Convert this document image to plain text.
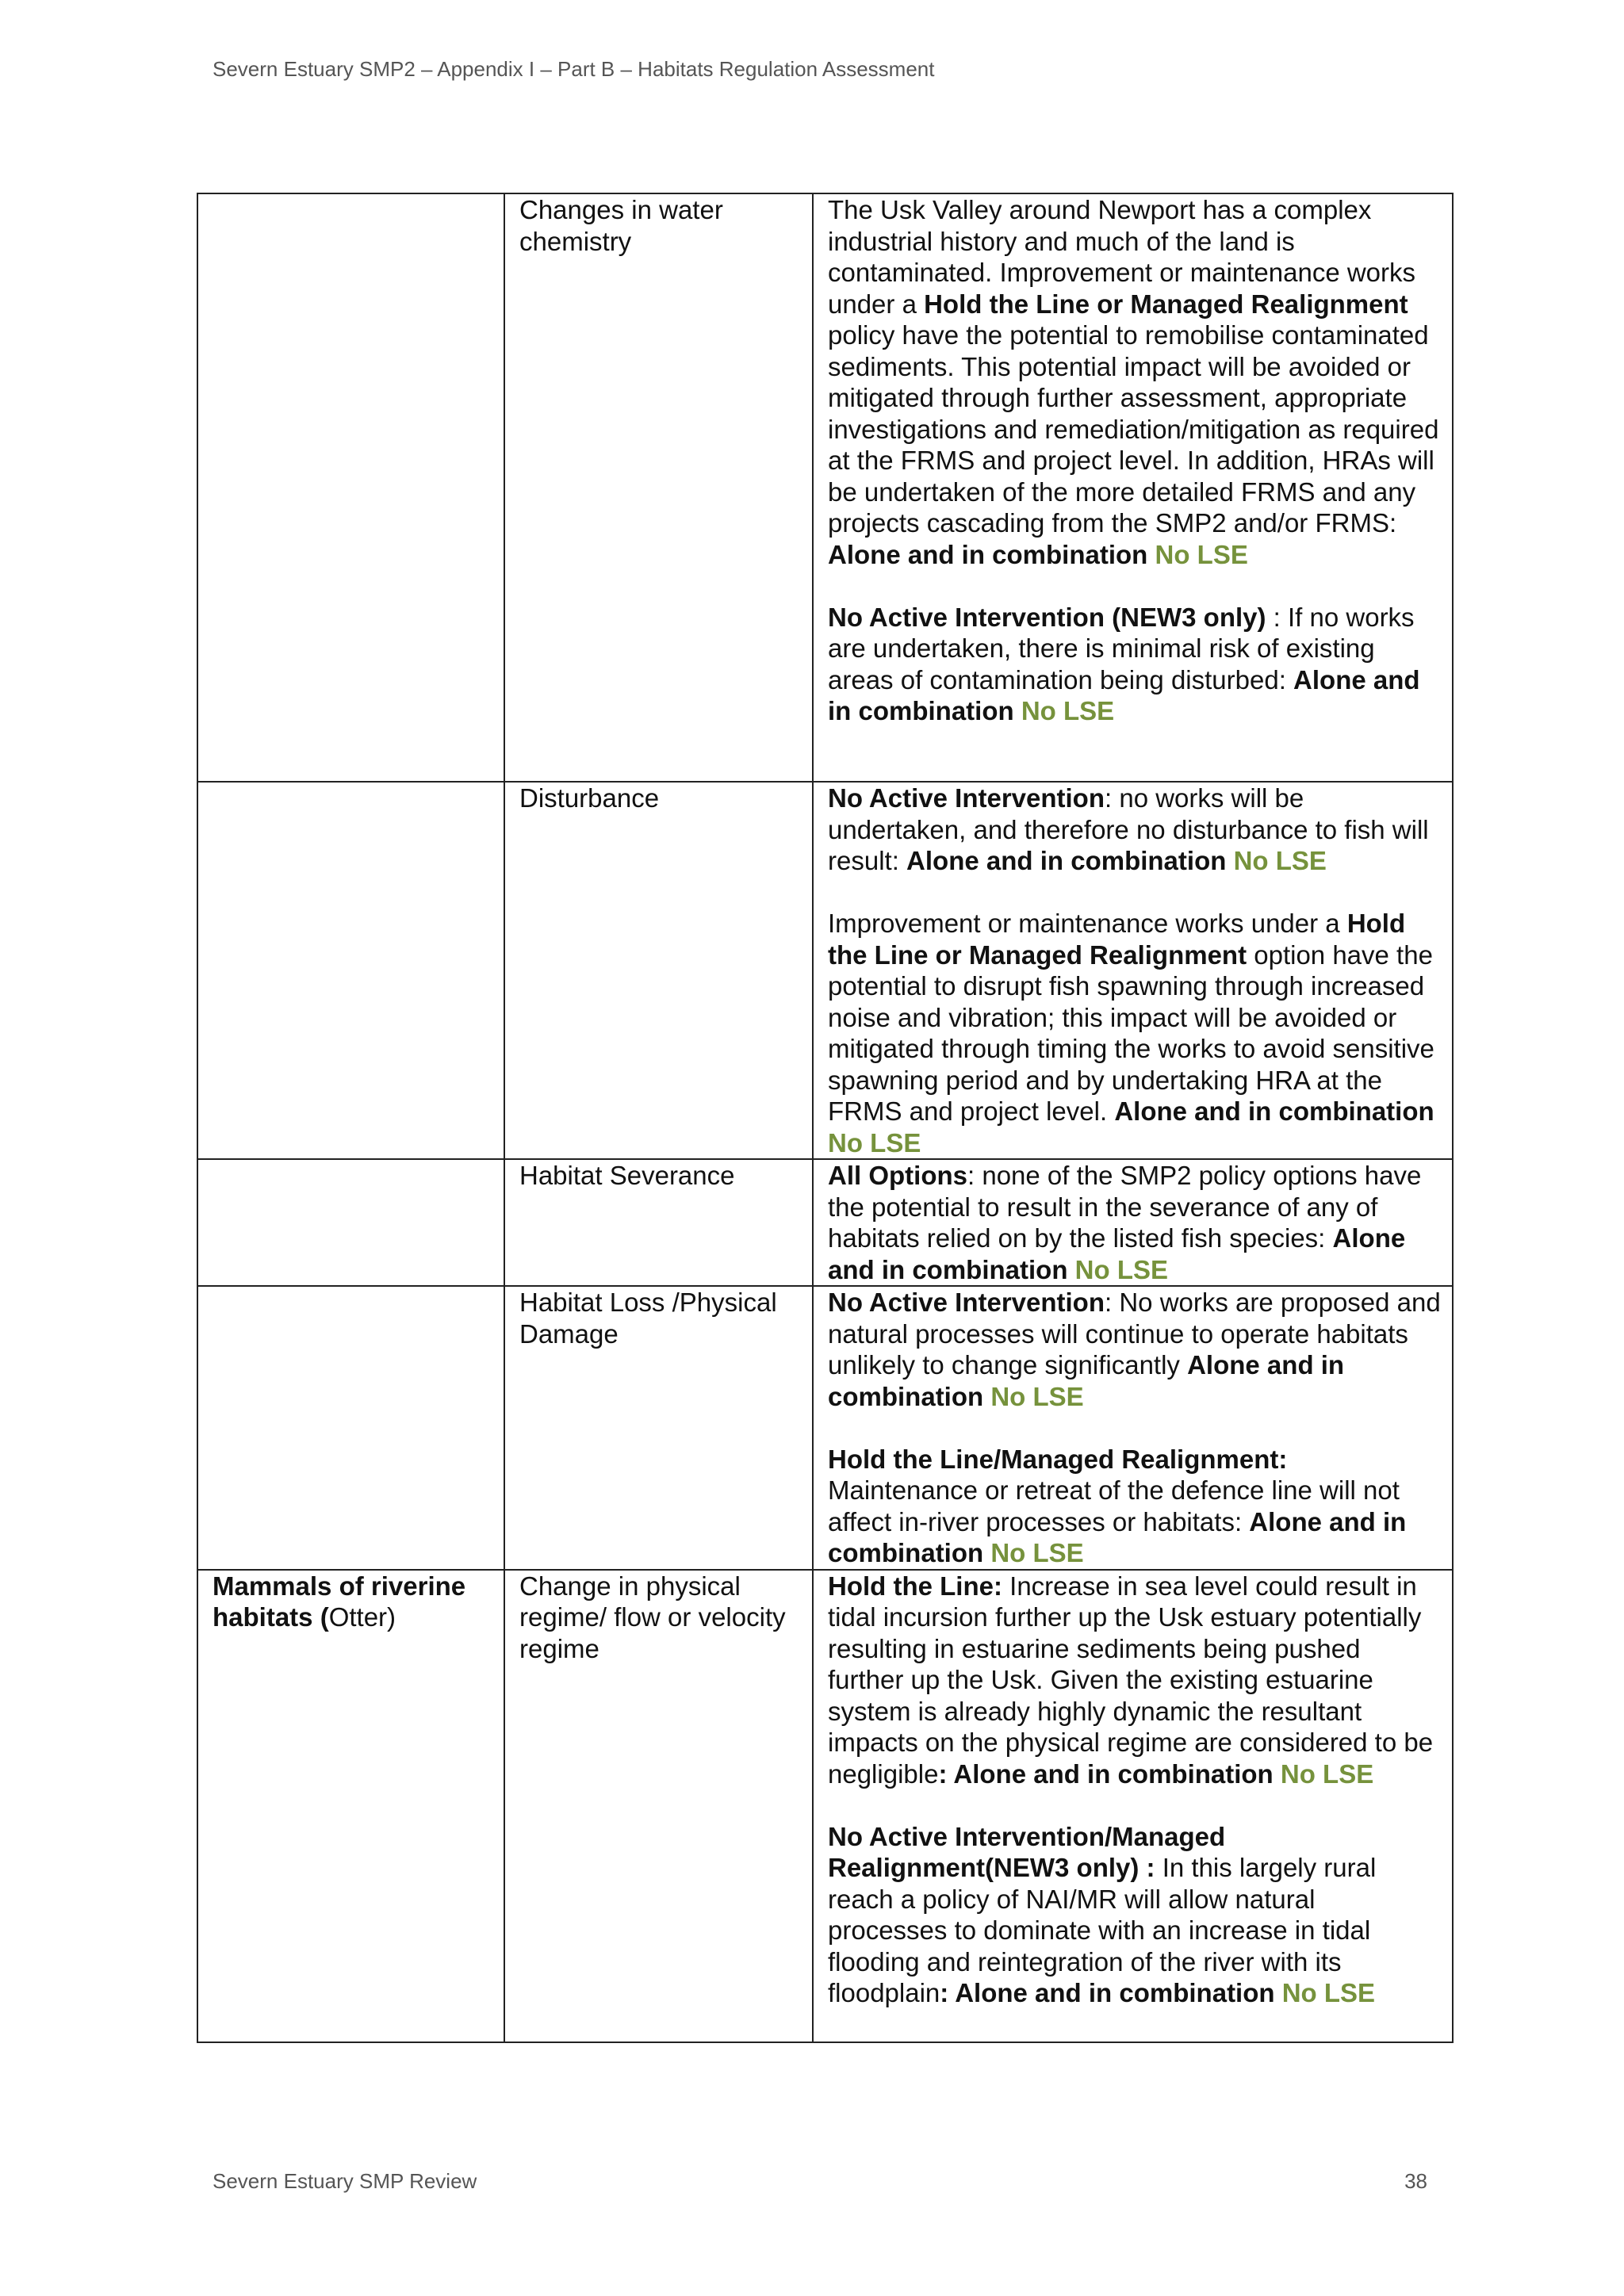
Severn Estuary SMP2 – Appendix I – Part B – Habitats Regulation Assessment
	Changes in water chemistry	The Usk Valley around Newport has a complex industrial history and much of the land is contaminated. Improvement or maintenance works under a Hold the Line or Managed Realignment policy have the potential to remobilise contaminated sediments. This potential impact will be avoided or mitigated through further assessment, appropriate investigations and remediation/mitigation as required at the FRMS and project level. In addition, HRAs will be undertaken of the more detailed FRMS and any projects cascading from the SMP2 and/or FRMS: Alone and in combination No LSE
No Active Intervention (NEW3 only) : If no works are undertaken, there is minimal risk of existing areas of contamination being disturbed: Alone and in combination No LSE

	Disturbance	No Active Intervention: no works will be undertaken, and therefore no disturbance to fish will result: Alone and in combination No LSE
Improvement or maintenance works under a Hold the Line or Managed Realignment option have the potential to disrupt fish spawning through increased noise and vibration; this impact will be avoided or mitigated through timing the works to avoid sensitive spawning period and by undertaking HRA at the FRMS and project level. Alone and in combination No LSE

	Habitat Severance	All Options: none of the SMP2 policy options have the potential to result in the severance of any of habitats relied on by the listed fish species: Alone and in combination No LSE

	Habitat Loss /Physical Damage	No Active Intervention: No works are proposed and natural processes will continue to operate habitats unlikely to change significantly Alone and in combination No LSE
Hold the Line/Managed Realignment: Maintenance or retreat of the defence line will not affect in-river processes or habitats: Alone and in combination No LSE

Mammals of riverine habitats (Otter)	Change in physical regime/ flow or velocity regime	Hold the Line: Increase in sea level could result in tidal incursion further up the Usk estuary potentially resulting in estuarine sediments being pushed further up the Usk. Given the existing estuarine system is already highly dynamic the resultant impacts on the physical regime are considered to be negligible: Alone and in combination No LSE
No Active Intervention/Managed Realignment(NEW3 only) : In this largely rural reach a policy of NAI/MR will allow natural processes to dominate with an increase in tidal flooding and reintegration of the river with its floodplain: Alone and in combination No LSE
Severn Estuary SMP Review	38
